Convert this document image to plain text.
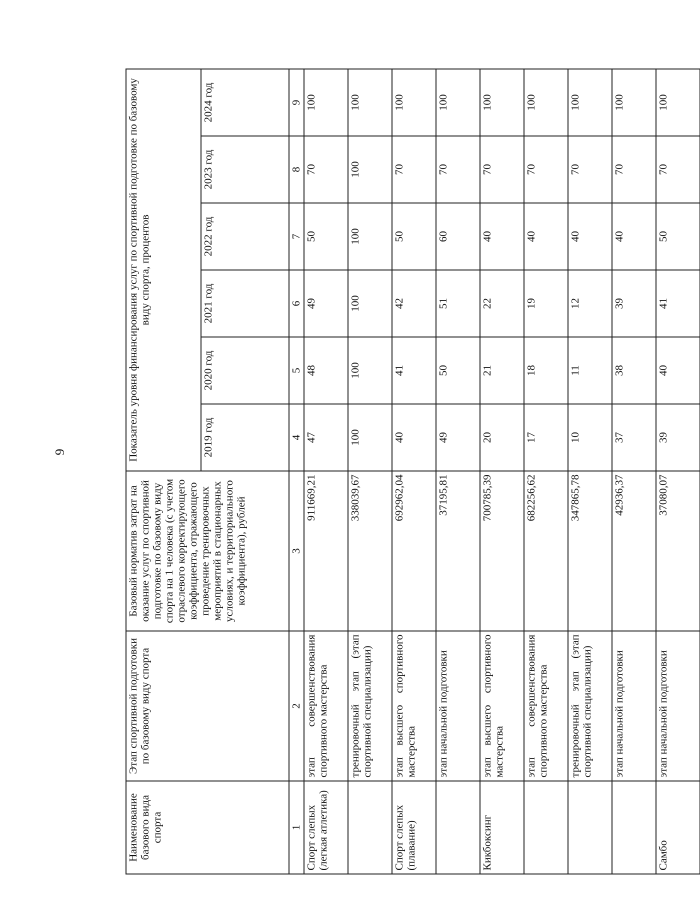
9
Наименование базового вида спорта	Этап спортивной подготовки по базовому виду спорта	Базовый норматив затрат на оказание услуг по спортивной подготовке по базовому виду спорта на 1 человека (с учетом отраслевого корректирующего коэффициента, отражающего проведение тренировочных мероприятий в стационарных условиях, и территориального коэффициента), рублей	Показатель уровня финансирования услуг по спортивной подготовке по базовому виду спорта, процентов					
			2019 год	2020 год	2021 год	2022 год	2023 год	2024 год
1	2	3	4	5	6	7	8	9
Спорт слепых (легкая атлетика)	этап совершенствования спортивного мастерства	911669,21	47	48	49	50	70	100
	тренировочный этап (этап спортивной специализации)	338039,67	100	100	100	100	100	100
Спорт слепых (плавание)	этап высшего спортивного мастерства	692962,04	40	41	42	50	70	100
	этап начальной подготовки	37195,81	49	50	51	60	70	100
Кикбоксинг	этап высшего спортивного мастерства	700785,39	20	21	22	40	70	100
	этап совершенствования спортивного мастерства	682256,62	17	18	19	40	70	100
	тренировочный этап (этап спортивной специализации)	347865,78	10	11	12	40	70	100
	этап начальной подготовки	42936,37	37	38	39	40	70	100
Самбо	этап начальной подготовки	37080,07	39	40	41	50	70	100
